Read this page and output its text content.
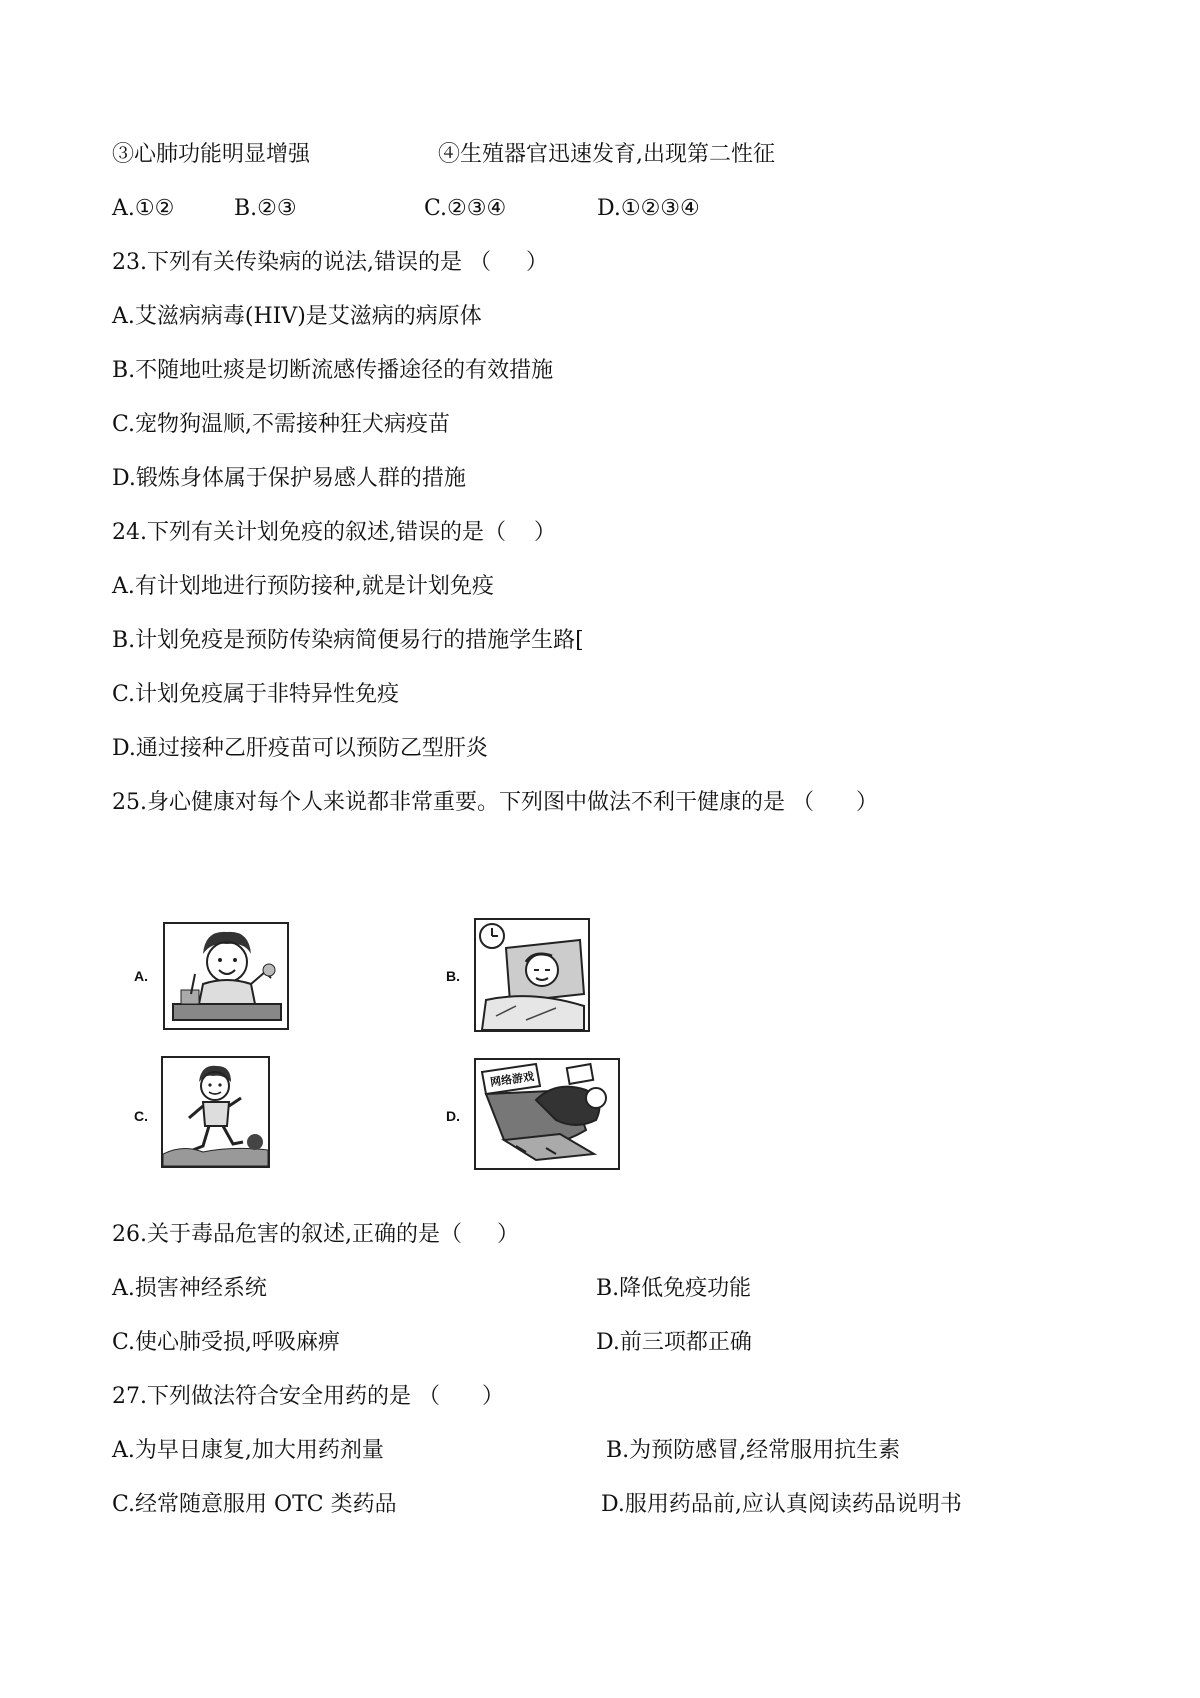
③心肺功能明显增强	④生殖器官迅速发育,出现第二性征
A.①②	B.②③	C.②③④	D.①②③④
23.下列有关传染病的说法,错误的是 （     ）
A.艾滋病病毒(HIV)是艾滋病的病原体
B.不随地吐痰是切断流感传播途径的有效措施
C.宠物狗温顺,不需接种狂犬病疫苗
D.锻炼身体属于保护易感人群的措施
24.下列有关计划免疫的叙述,错误的是（    ）
A.有计划地进行预防接种,就是计划免疫
B.计划免疫是预防传染病简便易行的措施学生路[
C.计划免疫属于非特异性免疫
D.通过接种乙肝疫苗可以预防乙型肝炎
25.身心健康对每个人来说都非常重要。下列图中做法不利干健康的是 （      ）
A.	B.
C.	D.
网络游戏
26.关于毒品危害的叙述,正确的是（     ）
A.损害神经系统	B.降低免疫功能
C.使心肺受损,呼吸麻痹	D.前三项都正确
27.下列做法符合安全用药的是 （      ）
A.为早日康复,加大用药剂量	B.为预防感冒,经常服用抗生素
C.经常随意服用 OTC 类药品	D.服用药品前,应认真阅读药品说明书
